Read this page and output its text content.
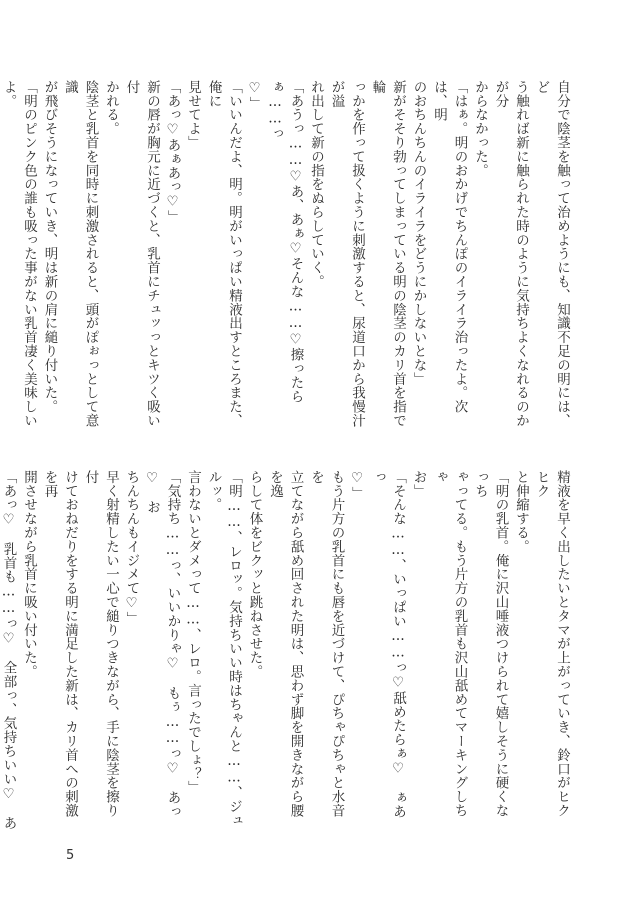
自分で陰茎を触って治めようにも、知識不足の明には、ど
う触れば新に触られた時のように気持ちよくなれるのかが分
からなかった。
「はぁ。明のおかげでちんぽのイライラ治ったよ。次は、明
のおちんちんのイライラをどうにかしないとな」
新がそそり勃ってしまっている明の陰茎のカリ首を指で輪
っかを作って扱くように刺激すると、尿道口から我慢汁が溢
れ出して新の指をぬらしていく。
「あうっ……♡あ、あぁ♡そんな……♡擦ったらぁ……っ
♡」
「いいんだよ、明。明がいっぱい精液出すところまた、俺に
見せてよ」
「あっ♡あぁあっ♡」
新の唇が胸元に近づくと、乳首にチュッっとキツく吸い付
かれる。
陰茎と乳首を同時に刺激されると、頭がぽぉっとして意識
が飛びそうになっていき、明は新の肩に縋り付いた。
「明のピンク色の誰も吸った事がない乳首凄く美味しいよ。
精液を早く出したいとタマが上がっていき、鈴口がヒクヒク
と伸縮する。
「明の乳首。俺に沢山唾液つけられて嬉しそうに硬くなっち
ゃってる。もう片方の乳首も沢山舐めてマーキングしちゃ
お」
「そんな……、いっぱい……っ♡舐めたらぁ♡　ぁあっ
♡」
もう片方の乳首にも唇を近づけて、ぴちゃぴちゃと水音を
立てながら舐め回された明は、思わず脚を開きながら腰を逸
らして体をビクッと跳ねさせた。
「明……、レロッ。気持ちいい時はちゃんと……、ジュルッ。
言わないとダメって……、レロ。言ったでしょ？」
「気持ち……っ、いいかりゃ♡　もぅ……っ♡　あっ♡　お
ちんちんもイジメて♡」
早く射精したい一心で縋りつきながら、手に陰茎を擦り付
けておねだりをする明に満足した新は、カリ首への刺激を再
開させながら乳首に吸い付いた。
「あっ♡　乳首も……っ♡　全部っ、気持ちいい♡　あ
5
